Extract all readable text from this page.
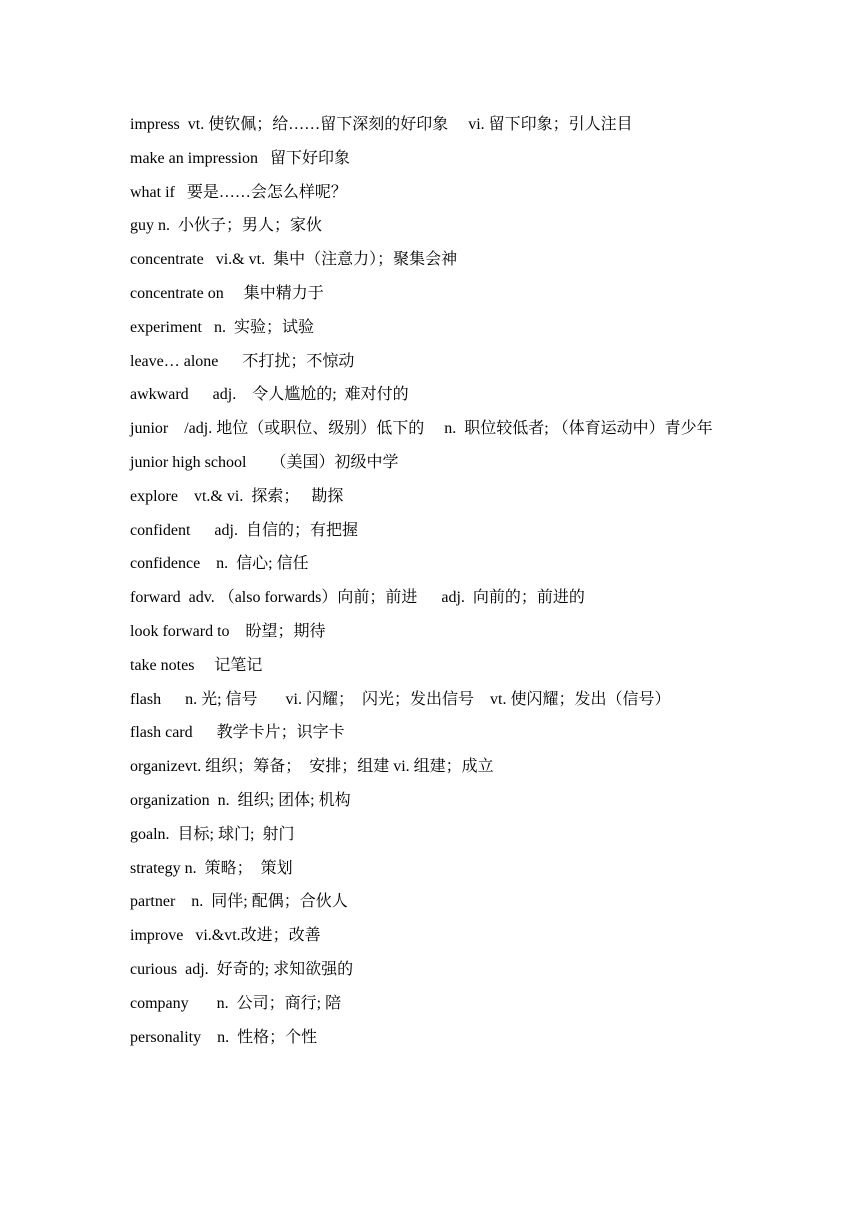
impress  vt. 使钦佩；给……留下深刻的好印象     vi. 留下印象；引人注目
make an impression   留下好印象
what if   要是……会怎么样呢？
guy n.  小伙子；男人；家伙
concentrate   vi.& vt.  集中（注意力）；聚集会神
concentrate on     集中精力于
experiment   n.  实验；试验
leave… alone      不打扰；不惊动
awkward      adj.    令人尴尬的;  难对付的
junior    /adj. 地位（或职位、级别）低下的     n.  职位较低者; （体育运动中）青少年
junior high school      （美国）初级中学
explore    vt.& vi.  探索；   勘探
confident      adj.  自信的；有把握
confidence    n.  信心; 信任
forward  adv. （also forwards）向前；前进      adj.  向前的；前进的
look forward to    盼望；期待
take notes     记笔记
flash      n. 光; 信号       vi. 闪耀；  闪光；发出信号    vt. 使闪耀；发出（信号）
flash card      教学卡片；识字卡
organizevt. 组织；筹备；  安排；组建 vi. 组建；成立
organization  n.  组织; 团体; 机构
goaln.  目标; 球门;  射门
strategy n.  策略；  策划
partner    n.  同伴; 配偶；合伙人
improve   vi.&vt.改进；改善
curious  adj.  好奇的; 求知欲强的
company       n.  公司；商行; 陪
personality    n.  性格；个性
